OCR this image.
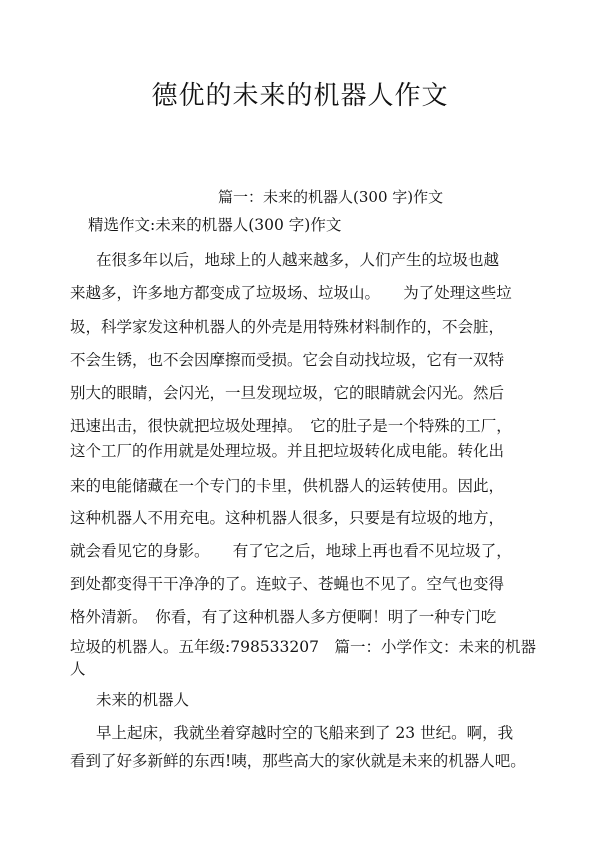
德优的未来的机器人作文
篇一：未来的机器人(300 字)作文
精选作文:未来的机器人(300 字)作文
在很多年以后，地球上的人越来越多，人们产生的垃圾也越
来越多，许多地方都变成了垃圾场、垃圾山。　　为了处理这些垃
圾，科学家发这种机器人的外壳是用特殊材料制作的，不会脏，
不会生锈，也不会因摩擦而受损。它会自动找垃圾，它有一双特
别大的眼睛，会闪光，一旦发现垃圾，它的眼睛就会闪光。然后
迅速出击，很快就把垃圾处理掉。　它的肚子是一个特殊的工厂，
这个工厂的作用就是处理垃圾。并且把垃圾转化成电能。转化出
来的电能储藏在一个专门的卡里，供机器人的运转使用。因此，
这种机器人不用充电。这种机器人很多，只要是有垃圾的地方，
就会看见它的身影。　　有了它之后，地球上再也看不见垃圾了，
到处都变得干干净净的了。连蚊子、苍蝇也不见了。空气也变得
格外清新。　你看，有了这种机器人多方便啊！明了一种专门吃
垃圾的机器人。五年级:798533207　篇一：小学作文：未来的机器
人
未来的机器人
早上起床，我就坐着穿越时空的飞船来到了 23 世纪。啊，我
看到了好多新鲜的东西!咦，那些高大的家伙就是未来的机器人吧。
